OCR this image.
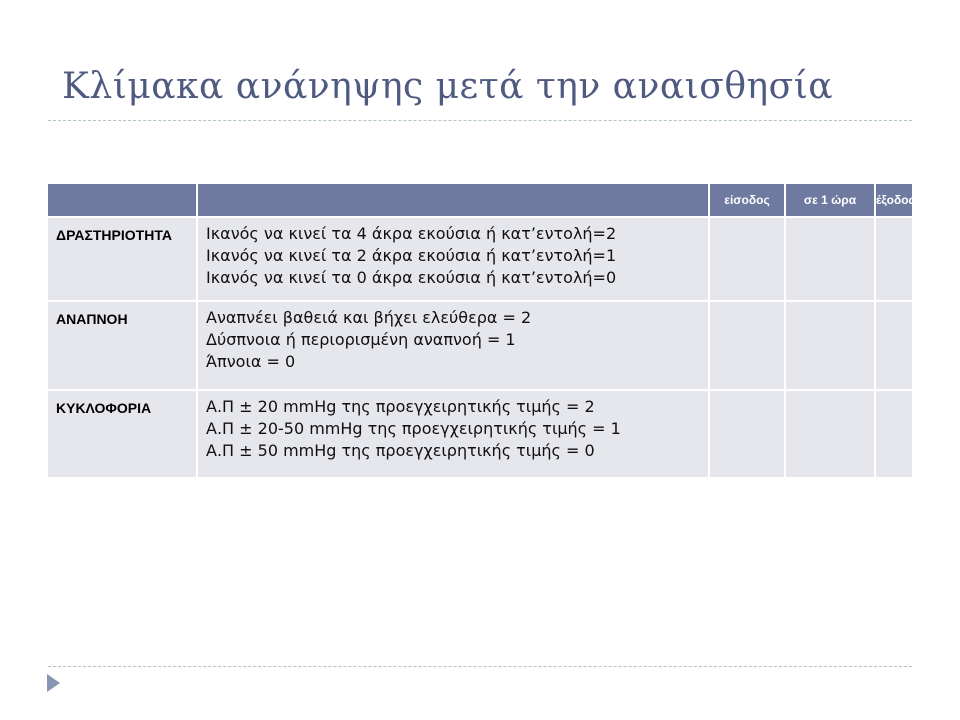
Κλίμακα ανάνηψης μετά την αναισθησία
		είσοδος	σε 1 ώρα	έξοδος

ΔΡΑΣΤΗΡΙΟΤΗΤΑ	Ικανός να κινεί τα 4 άκρα εκούσια ή κατ’εντολή=2
Ικανός να κινεί τα 2 άκρα εκούσια ή κατ’εντολή=1
Ικανός να κινεί τα 0 άκρα εκούσια ή κατ’εντολή=0			

ΑΝΑΠΝΟΗ	Αναπνέει βαθειά και βήχει ελεύθερα = 2
Δύσπνοια ή περιορισμένη αναπνοή = 1
Άπνοια = 0			

ΚΥΚΛΟΦΟΡΙΑ	Α.Π ± 20 mmHg της προεγχειρητικής τιμής = 2
Α.Π ± 20-50 mmHg της προεγχειρητικής τιμής = 1
Α.Π ± 50 mmHg της προεγχειρητικής τιμής = 0			
